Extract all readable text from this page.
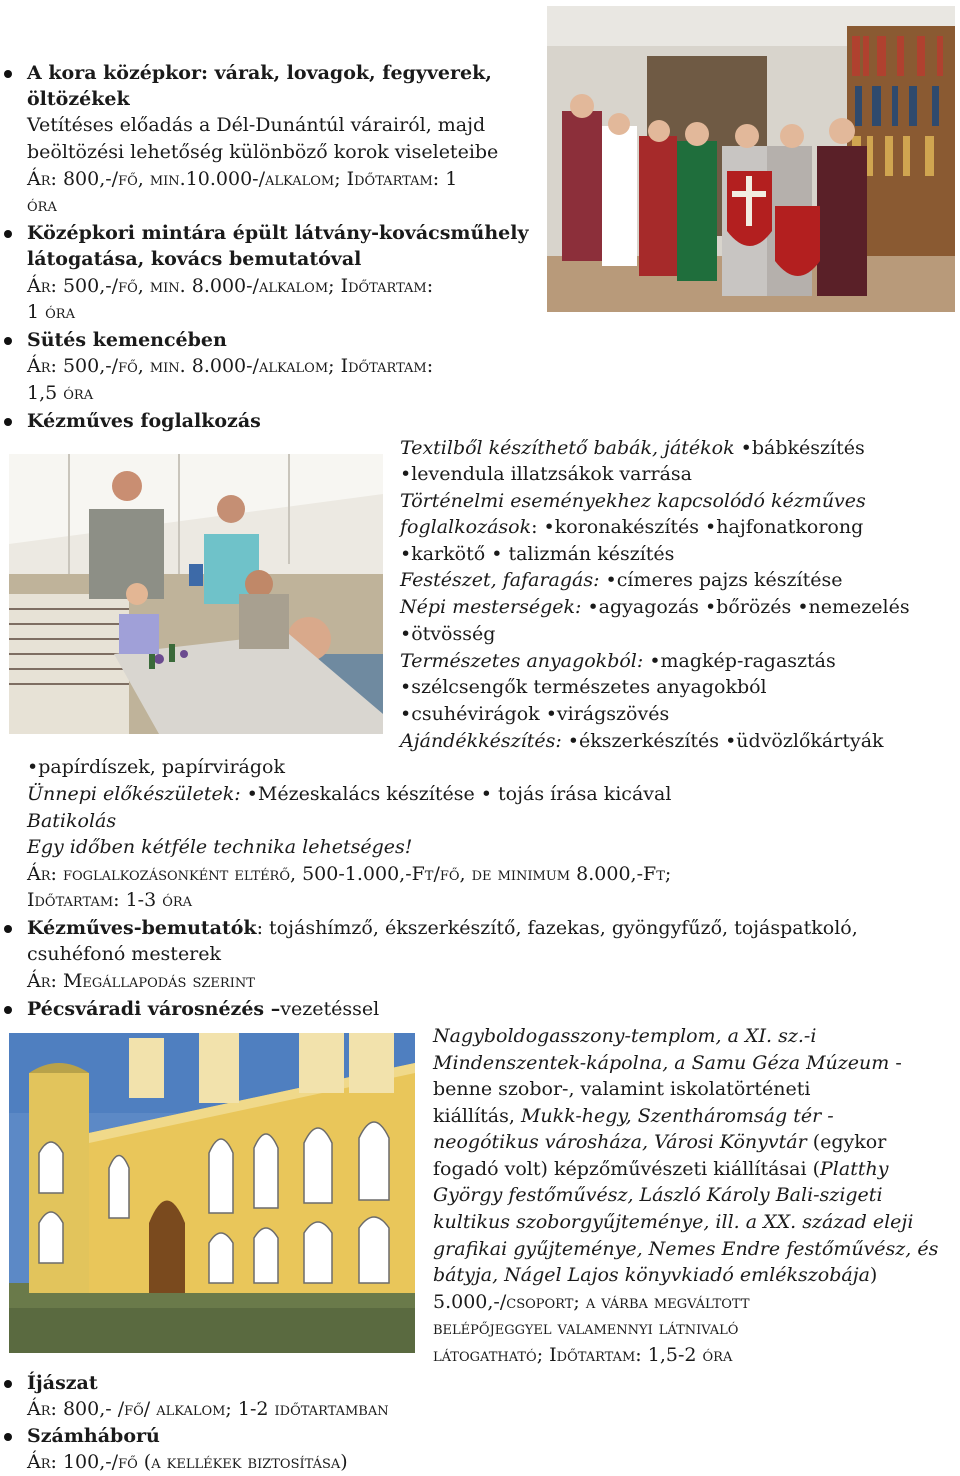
A kora középkor: várak, lovagok, fegyverek,
öltözékek
Vetítéses előadás a Dél-Dunántúl várairól, majd
beöltözési lehetőség különböző korok viseleteibe
Ár: 800,-/fő, min.10.000-/alkalom; Időtartam: 1
óra
Középkori mintára épült látvány-kovácsműhely
látogatása, kovács bemutatóval
Ár: 500,-/fő, min. 8.000-/alkalom; Időtartam:
1 óra
Sütés kemencében
Ár: 500,-/fő, min. 8.000-/alkalom; Időtartam:
1,5 óra
Kézműves foglalkozás
Textilből készíthető babák, játékok •bábkészítés
•levendula illatzsákok varrása
Történelmi eseményekhez kapcsolódó kézműves
foglalkozások: •koronakészítés •hajfonatkorong
•karkötő • talizmán készítés
Festészet, fafaragás: •címeres pajzs készítése
Népi mesterségek: •agyagozás •bőrözés •nemezelés
•ötvösség
Természetes anyagokból: •magkép-ragasztás
•szélcsengők természetes anyagokból
•csuhévirágok •virágszövés
Ajándékkészítés: •ékszerkészítés •üdvözlőkártyák
•papírdíszek, papírvirágok
Ünnepi előkészületek: •Mézeskalács készítése • tojás írása kicával
Batikolás
Egy időben kétféle technika lehetséges!
Ár: foglalkozásonként eltérő, 500-1.000,-Ft/fő, de minimum 8.000,-Ft;
Időtartam: 1-3 óra
Kézműves-bemutatók: tojáshímző, ékszerkészítő, fazekas, gyöngyfűző, tojáspatkoló,
csuhéfonó mesterek
Ár: Megállapodás szerint
Pécsváradi városnézés –vezetéssel
Nagyboldogasszony-templom, a XI. sz.-i
Mindenszentek-kápolna, a Samu Géza Múzeum -
benne szobor-, valamint iskolatörténeti
kiállítás, Mukk-hegy, Szentháromság tér -
neogótikus városháza, Városi Könyvtár (egykor
fogadó volt) képzőművészeti kiállításai (Platthy
György festőművész, László Károly Bali-szigeti
kultikus szoborgyűjteménye, ill. a XX. század eleji
grafikai gyűjteménye, Nemes Endre festőművész, és
bátyja, Nágel Lajos könyvkiadó emlékszobája)
5.000,-/csoport; a várba megváltott
belépőjeggyel valamennyi látnivaló
látogatható; Időtartam: 1,5-2 óra
Íjászat
Ár: 800,- /fő/ alkalom; 1-2 időtartamban
Számháború
Ár: 100,-/fő (a kellékek biztosítása)
